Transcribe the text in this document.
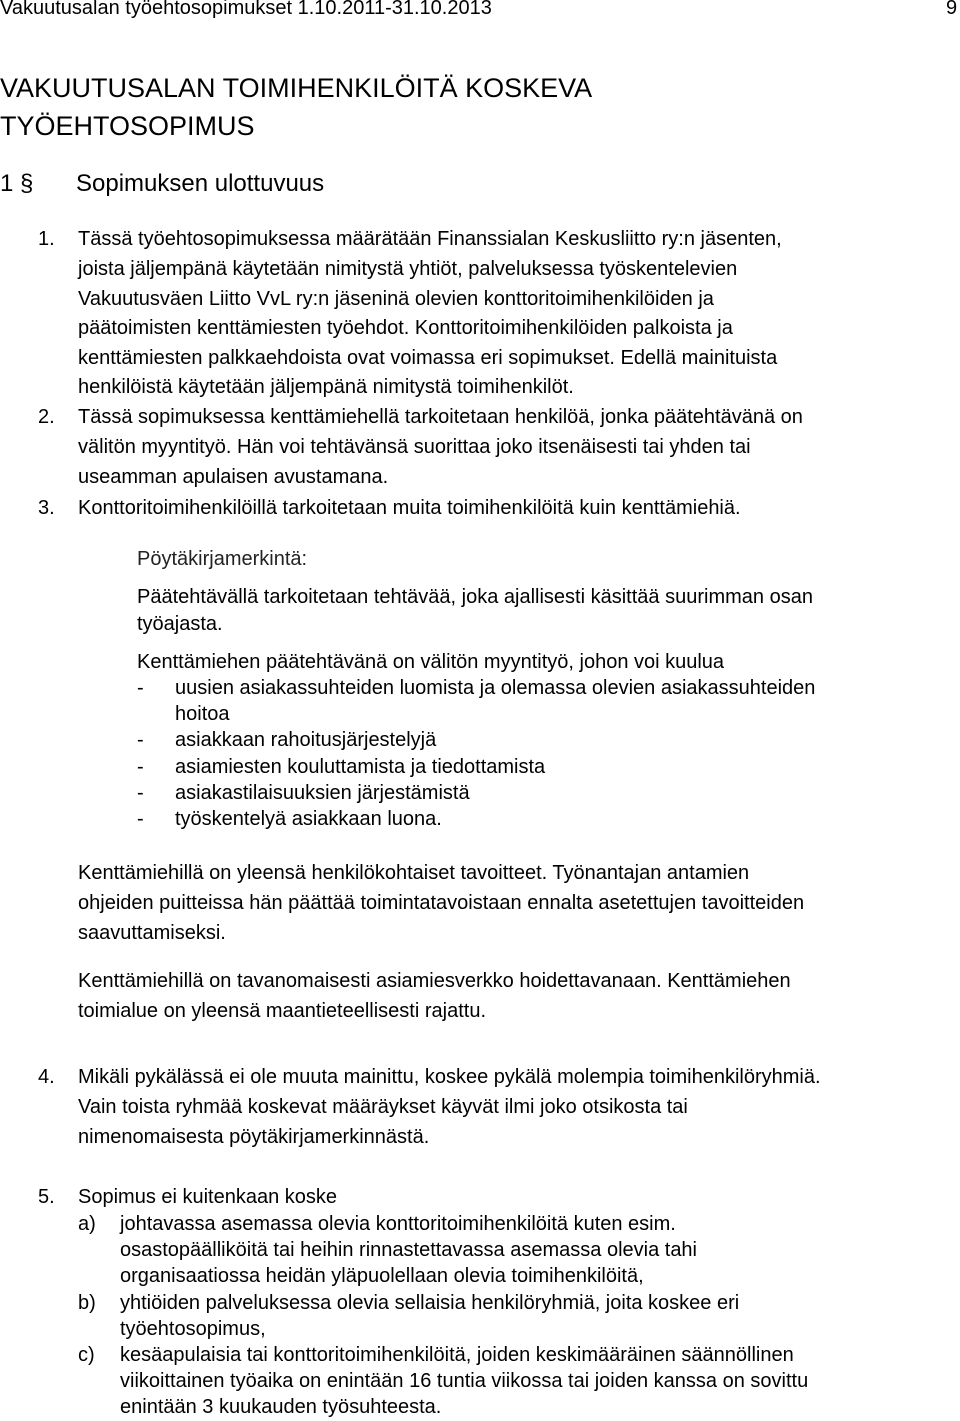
Vakuutusalan työehtosopimukset 1.10.2011-31.10.2013	9
VAKUUTUSALAN TOIMIHENKILÖITÄ KOSKEVA
TYÖEHTOSOPIMUS
1 § Sopimuksen ulottuvuus
1. Tässä työehtosopimuksessa määrätään Finanssialan Keskusliitto ry:n jäsenten,
joista jäljempänä käytetään nimitystä yhtiöt, palveluksessa työskentelevien
Vakuutusväen Liitto VvL ry:n jäseninä olevien konttoritoimihenkilöiden ja
päätoimisten kenttämiesten työehdot. Konttoritoimihenkilöiden palkoista ja
kenttämiesten palkkaehdoista ovat voimassa eri sopimukset. Edellä mainituista
henkilöistä käytetään jäljempänä nimitystä toimihenkilöt.
2. Tässä sopimuksessa kenttämiehellä tarkoitetaan henkilöä, jonka päätehtävänä on
välitön myyntityö. Hän voi tehtävänsä suorittaa joko itsenäisesti tai yhden tai
useamman apulaisen avustamana.
3. Konttoritoimihenkilöillä tarkoitetaan muita toimihenkilöitä kuin kenttämiehiä.
Pöytäkirjamerkintä:
Päätehtävällä tarkoitetaan tehtävää, joka ajallisesti käsittää suurimman osan
työajasta.
Kenttämiehen päätehtävänä on välitön myyntityö, johon voi kuulua
- uusien asiakassuhteiden luomista ja olemassa olevien asiakassuhteiden
hoitoa
- asiakkaan rahoitusjärjestelyjä
- asiamiesten kouluttamista ja tiedottamista
- asiakastilaisuuksien järjestämistä
- työskentelyä asiakkaan luona.
Kenttämiehillä on yleensä henkilökohtaiset tavoitteet. Työnantajan antamien
ohjeiden puitteissa hän päättää toimintatavoistaan ennalta asetettujen tavoitteiden
saavuttamiseksi.
Kenttämiehillä on tavanomaisesti asiamiesverkko hoidettavanaan. Kenttämiehen
toimialue on yleensä maantieteellisesti rajattu.
4. Mikäli pykälässä ei ole muuta mainittu, koskee pykälä molempia toimihenkilöryhmiä.
Vain toista ryhmää koskevat määräykset käyvät ilmi joko otsikosta tai
nimenomaisesta pöytäkirjamerkinnästä.
5. Sopimus ei kuitenkaan koske
a) johtavassa asemassa olevia konttoritoimihenkilöitä kuten esim.
osastopäälliköitä tai heihin rinnastettavassa asemassa olevia tahi
organisaatiossa heidän yläpuolellaan olevia toimihenkilöitä,
b) yhtiöiden palveluksessa olevia sellaisia henkilöryhmiä, joita koskee eri
työehtosopimus,
c) kesäapulaisia tai konttoritoimihenkilöitä, joiden keskimääräinen säännöllinen
viikoittainen työaika on enintään 16 tuntia viikossa tai joiden kanssa on sovittu
enintään 3 kuukauden työsuhteesta.
